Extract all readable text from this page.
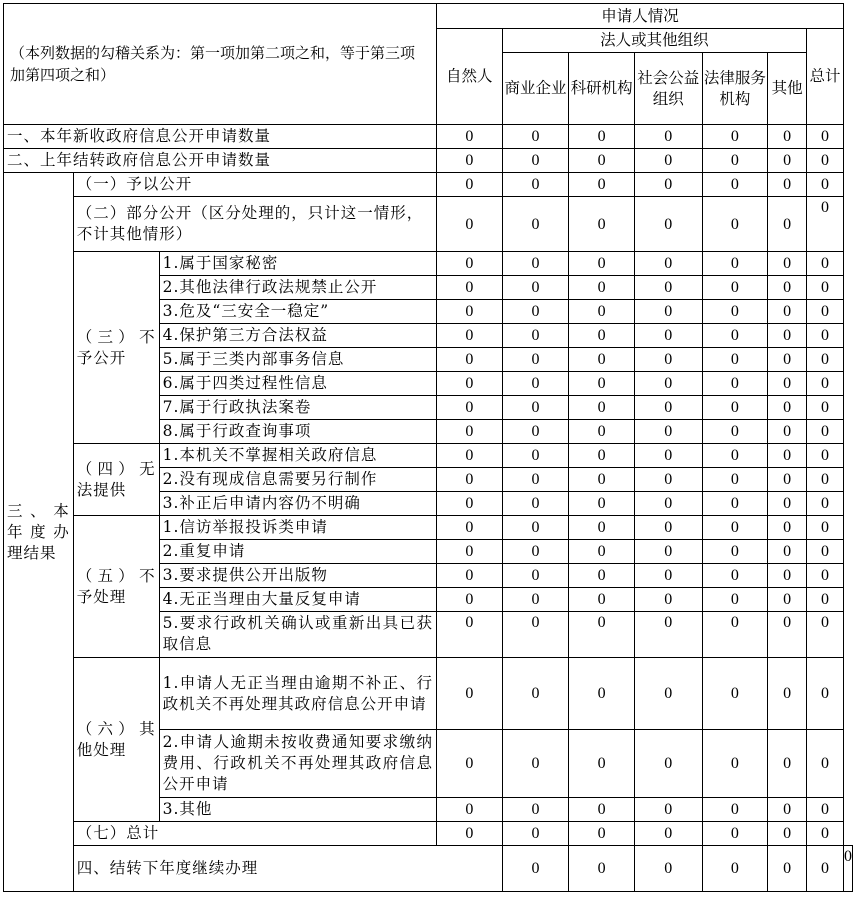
（本列数据的勾稽关系为：第一项加第二项之和，等于第三项加第四项之和）			申请人情况							
			自然人	法人或其他组织					总计	
				商业企业	科研机构	社会公益组织	法律服务机构	其他		

一、本年新收政府信息公开申请数量			0	0	0	0	0	0	0	
二、上年结转政府信息公开申请数量			0	0	0	0	0	0	0	
三、本年度办理结果	（一）予以公开		0	0	0	0	0	0	0	
	（二）部分公开（区分处理的，只计这一情形，不计其他情形）		0	0	0	0	0	0	0	
	（三）不予公开	1.属于国家秘密	0	0	0	0	0	0	0	
		2.其他法律行政法规禁止公开	0	0	0	0	0	0	0	
		3.危及“三安全一稳定”	0	0	0	0	0	0	0	
		4.保护第三方合法权益	0	0	0	0	0	0	0	
		5.属于三类内部事务信息	0	0	0	0	0	0	0	
		6.属于四类过程性信息	0	0	0	0	0	0	0	
		7.属于行政执法案卷	0	0	0	0	0	0	0	
		8.属于行政查询事项	0	0	0	0	0	0	0	
	（四）无法提供	1.本机关不掌握相关政府信息	0	0	0	0	0	0	0	
		2.没有现成信息需要另行制作	0	0	0	0	0	0	0	
		3.补正后申请内容仍不明确	0	0	0	0	0	0	0	
	（五）不予处理	1.信访举报投诉类申请	0	0	0	0	0	0	0	
		2.重复申请	0	0	0	0	0	0	0	
		3.要求提供公开出版物	0	0	0	0	0	0	0	
		4.无正当理由大量反复申请	0	0	0	0	0	0	0	
		5.要求行政机关确认或重新出具已获取信息	0	0	0	0	0	0	0	

	（六）其他处理	1.申请人无正当理由逾期不补正、行政机关不再处理其政府信息公开申请	0	0	0	0	0	0	0	
		2.申请人逾期未按收费通知要求缴纳费用、行政机关不再处理其政府信息公开申请	0	0	0	0	0	0	0	
		3.其他	0	0	0	0	0	0	0	
	（七）总计		0	0	0	0	0	0	0	
	四、结转下年度继续办理			0	0	0	0	0	0	0
